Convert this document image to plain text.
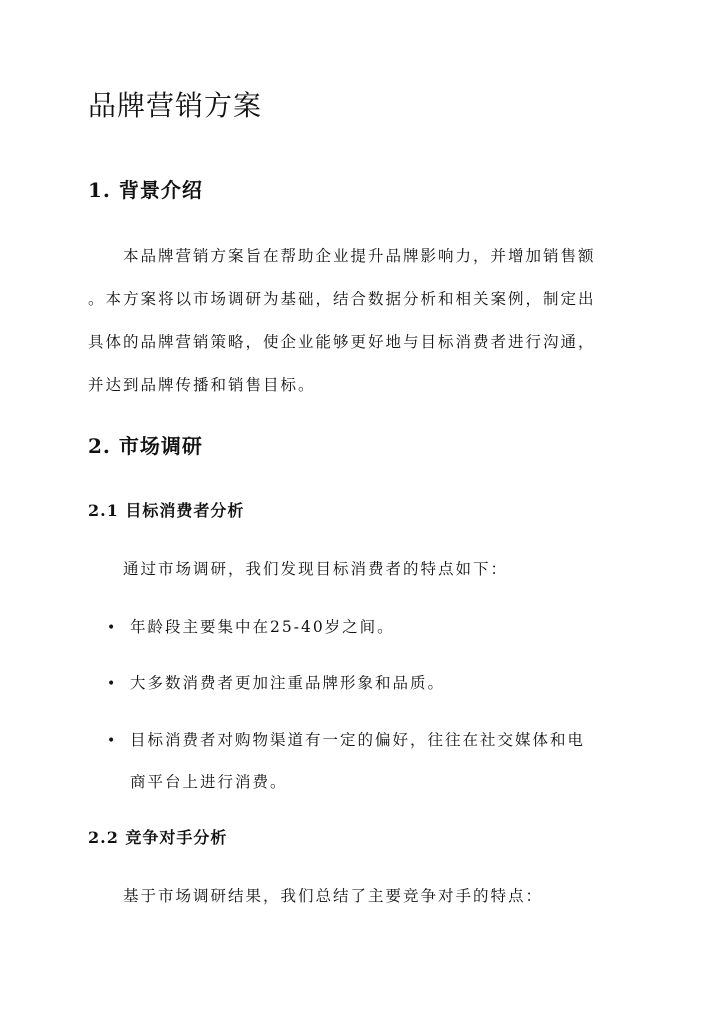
品牌营销方案
1. 背景介绍
本品牌营销方案旨在帮助企业提升品牌影响力，并增加销售额
。本方案将以市场调研为基础，结合数据分析和相关案例，制定出
具体的品牌营销策略，使企业能够更好地与目标消费者进行沟通，
并达到品牌传播和销售目标。
2. 市场调研
2.1 目标消费者分析
通过市场调研，我们发现目标消费者的特点如下：
• 年龄段主要集中在25-40岁之间。
• 大多数消费者更加注重品牌形象和品质。
• 目标消费者对购物渠道有一定的偏好，往往在社交媒体和电
商平台上进行消费。
2.2 竞争对手分析
基于市场调研结果，我们总结了主要竞争对手的特点：
